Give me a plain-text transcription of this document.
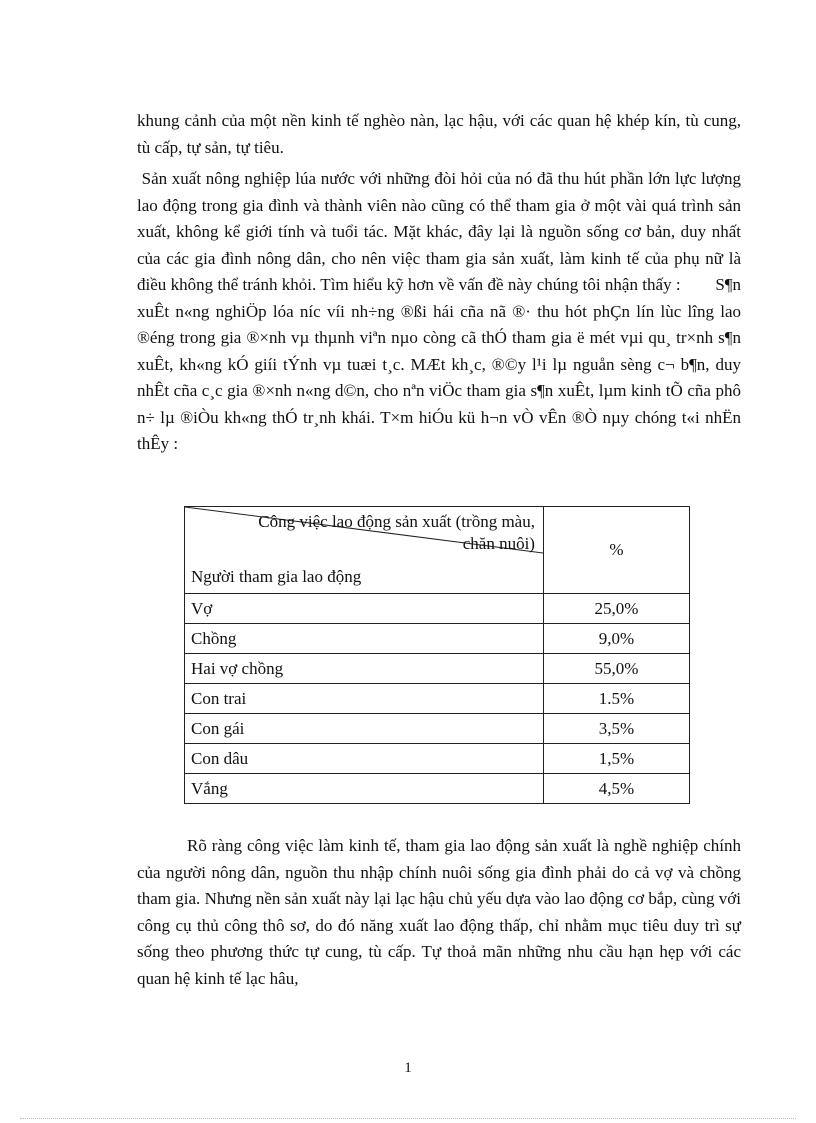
khung cảnh của một nền kinh tế nghèo nàn, lạc hậu, với các quan hệ khép kín, tù cung, tù cấp, tự sản, tự tiêu.

Sản xuất nông nghiệp lúa nước với những đòi hỏi của nó đã thu hút phần lớn lực lượng lao động trong gia đình và thành viên nào cũng có thể tham gia ở một vài quá trình sản xuất, không kể giới tính và tuổi tác. Mặt khác, đây lại là nguồn sống cơ bản, duy nhất của các gia đình nông dân, cho nên việc tham gia sản xuất, làm kinh tế của phụ nữ là điều không thể tránh khỏi. Tìm hiểu kỹ hơn về vấn đề này chúng tôi nhận thấy : S¶n xuÊt n«ng nghiÖp lóa níc víi nh÷ng ®ßi hái cña nã ®· thu hót phÇn lín lùc lîng lao ®éng trong gia ®×nh vµ thµnh viªn nµo còng cã thÓ tham gia ë mét vµi qu¸ tr×nh s¶n xuÊt, kh«ng kÓ giíi tÝnh vµ tuæi t¸c. MÆt kh¸c, ®©y l¹i lµ nguån sèng c¬ b¶n, duy nhÊt cña c¸c gia ®×nh n«ng d©n, cho nªn viÖc tham gia s¶n xuÊt, lµm kinh tÕ cña phô n÷ lµ ®iÒu kh«ng thÓ tr¸nh khái. T×m hiÓu kü h¬n vÒ vÊn ®Ò nµy chóng t«i nhËn thÊy :

Công việc lao động sản xuất (trồng màu, chăn nuôi)
Người tham gia lao động	%
Vợ	25,0%
Chồng	9,0%
Hai vợ chồng	55,0%
Con trai	1.5%
Con gái	3,5%
Con dâu	1,5%
Vắng	4,5%

Rõ ràng công việc làm kinh tế, tham gia lao động sản xuất là nghề nghiệp chính của người nông dân, nguồn thu nhập chính nuôi sống gia đình phải do cả vợ và chồng tham gia. Nhưng nền sản xuất này lại lạc hậu chủ yếu dựa vào lao động cơ bắp, cùng với công cụ thủ công thô sơ, do đó năng xuất lao động thấp, chỉ nhằm mục tiêu duy trì sự sống theo phương thức tự cung, tù cấp. Tự thoả mãn những nhu cầu hạn hẹp với các quan hệ kinh tế lạc hâu,

1
